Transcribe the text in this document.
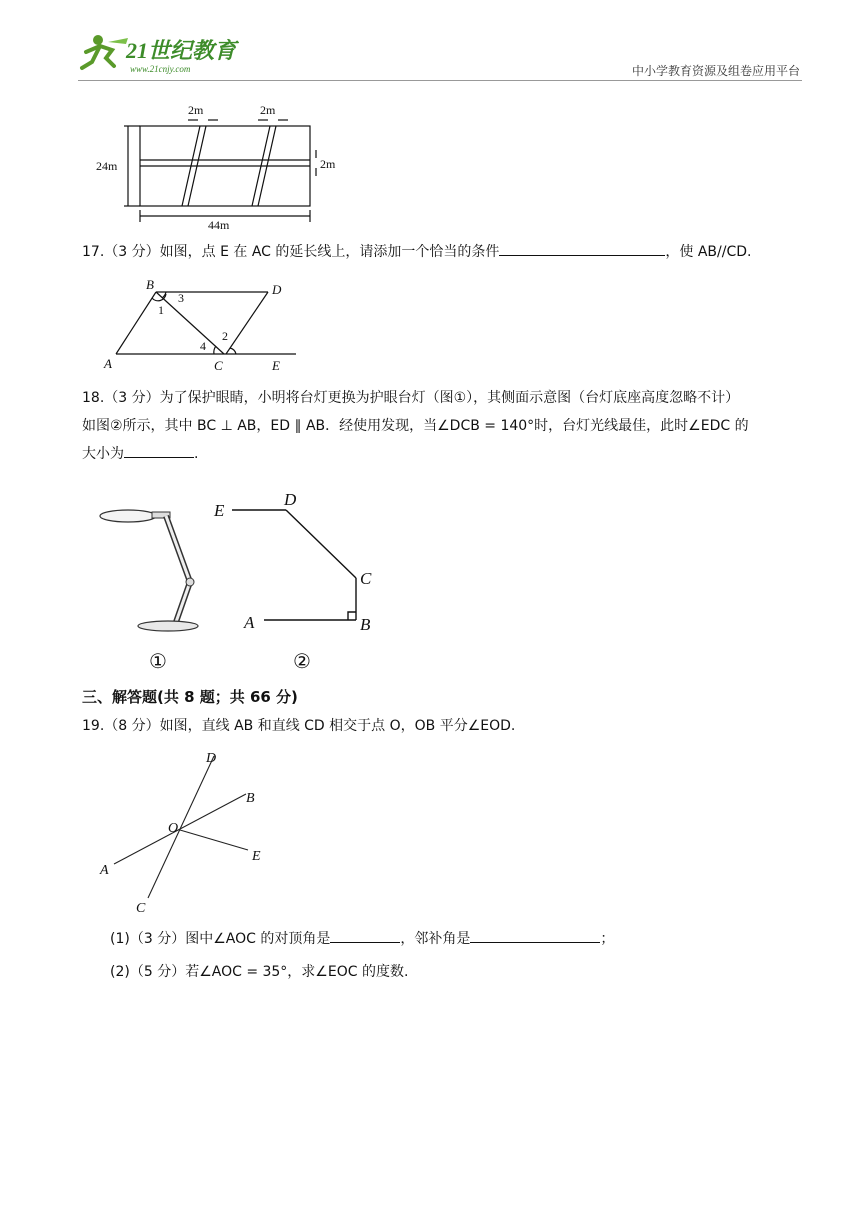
21世纪教育
www.21cnjy.com	中小学教育资源及组卷应用平台
2m	2m
24m	2m
44m
17.（3 分）如图，点 E 在 AC 的延长线上，请添加一个恰当的条件	，使 AB//CD.
B	D
A	C	E
1
2
3
4
18.（3 分）为了保护眼睛，小明将台灯更换为护眼台灯（图①），其侧面示意图（台灯底座高度忽略不计）
如图②所示，其中 BC ⊥ AB，ED ∥ AB．经使用发现，当∠DCB = 140°时，台灯光线最佳，此时∠EDC 的
大小为	.
①
E
D
C
A	B
②
三、解答题(共 8 题；共 66 分)
19.（8 分）如图，直线 AB 和直线 CD 相交于点 O，OB 平分∠EOD.
D
B
O
E
A
C
(1)（3 分）图中∠AOC 的对顶角是	，邻补角是	；
(2)（5 分）若∠AOC = 35°，求∠EOC 的度数.
